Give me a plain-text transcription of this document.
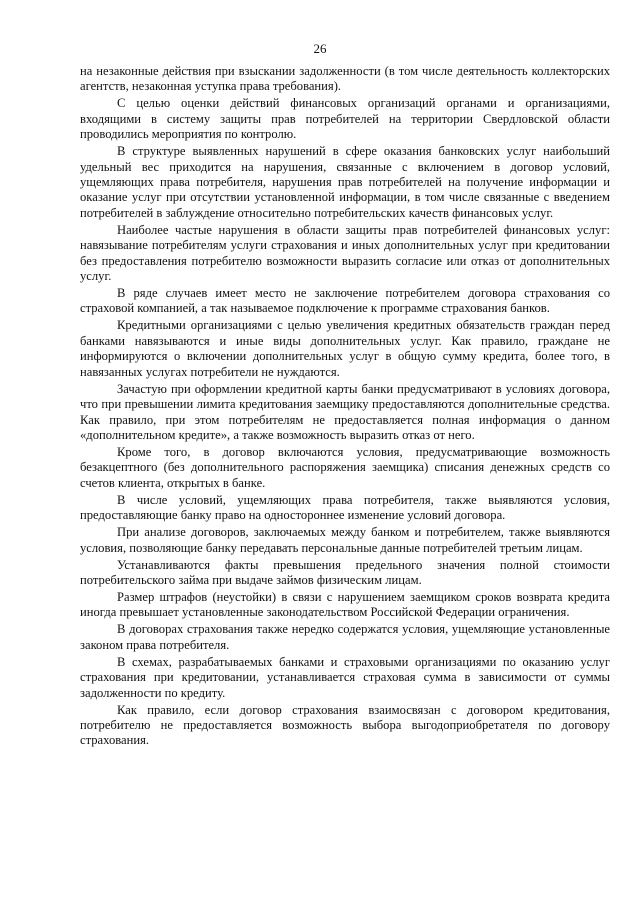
26

на незаконные действия при взыскании задолженности (в том числе деятельность коллекторских агентств, незаконная уступка права требования).

С целью оценки действий финансовых организаций органами и организациями, входящими в систему защиты прав потребителей на территории Свердловской области проводились мероприятия по контролю.

В структуре выявленных нарушений в сфере оказания банковских услуг наибольший удельный вес приходится на нарушения, связанные с включением в договор условий, ущемляющих права потребителя, нарушения прав потребителей на получение информации и оказание услуг при отсутствии установленной информации, в том числе связанные с введением потребителей в заблуждение относительно потребительских качеств финансовых услуг.

Наиболее частые нарушения в области защиты прав потребителей финансовых услуг: навязывание потребителям услуги страхования и иных дополнительных услуг при кредитовании без предоставления потребителю возможности выразить согласие или отказ от дополнительных услуг.

В ряде случаев имеет место не заключение потребителем договора страхования со страховой компанией, а так называемое подключение к программе страхования банков.

Кредитными организациями с целью увеличения кредитных обязательств граждан перед банками навязываются и иные виды дополнительных услуг. Как правило, граждане не информируются о включении дополнительных услуг в общую сумму кредита, более того, в навязанных услугах потребители не нуждаются.

Зачастую при оформлении кредитной карты банки предусматривают в условиях договора, что при превышении лимита кредитования заемщику предоставляются дополнительные средства. Как правило, при этом потребителям не предоставляется полная информация о данном «дополнительном кредите», а также возможность выразить отказ от него.

Кроме того, в договор включаются условия, предусматривающие возможность безакцептного (без дополнительного распоряжения заемщика) списания денежных средств со счетов клиента, открытых в банке.

В числе условий, ущемляющих права потребителя, также выявляются условия, предоставляющие банку право на одностороннее изменение условий договора.

При анализе договоров, заключаемых между банком и потребителем, также выявляются условия, позволяющие банку передавать персональные данные потребителей третьим лицам.

Устанавливаются факты превышения предельного значения полной стоимости потребительского займа при выдаче займов физическим лицам.

Размер штрафов (неустойки) в связи с нарушением заемщиком сроков возврата кредита иногда превышает установленные законодательством Российской Федерации ограничения.

В договорах страхования также нередко содержатся условия, ущемляющие установленные законом права потребителя.

В схемах, разрабатываемых банками и страховыми организациями по оказанию услуг страхования при кредитовании, устанавливается страховая сумма в зависимости от суммы задолженности по кредиту.

Как правило, если договор страхования взаимосвязан с договором кредитования, потребителю не предоставляется возможность выбора выгодоприобретателя по договору страхования.
